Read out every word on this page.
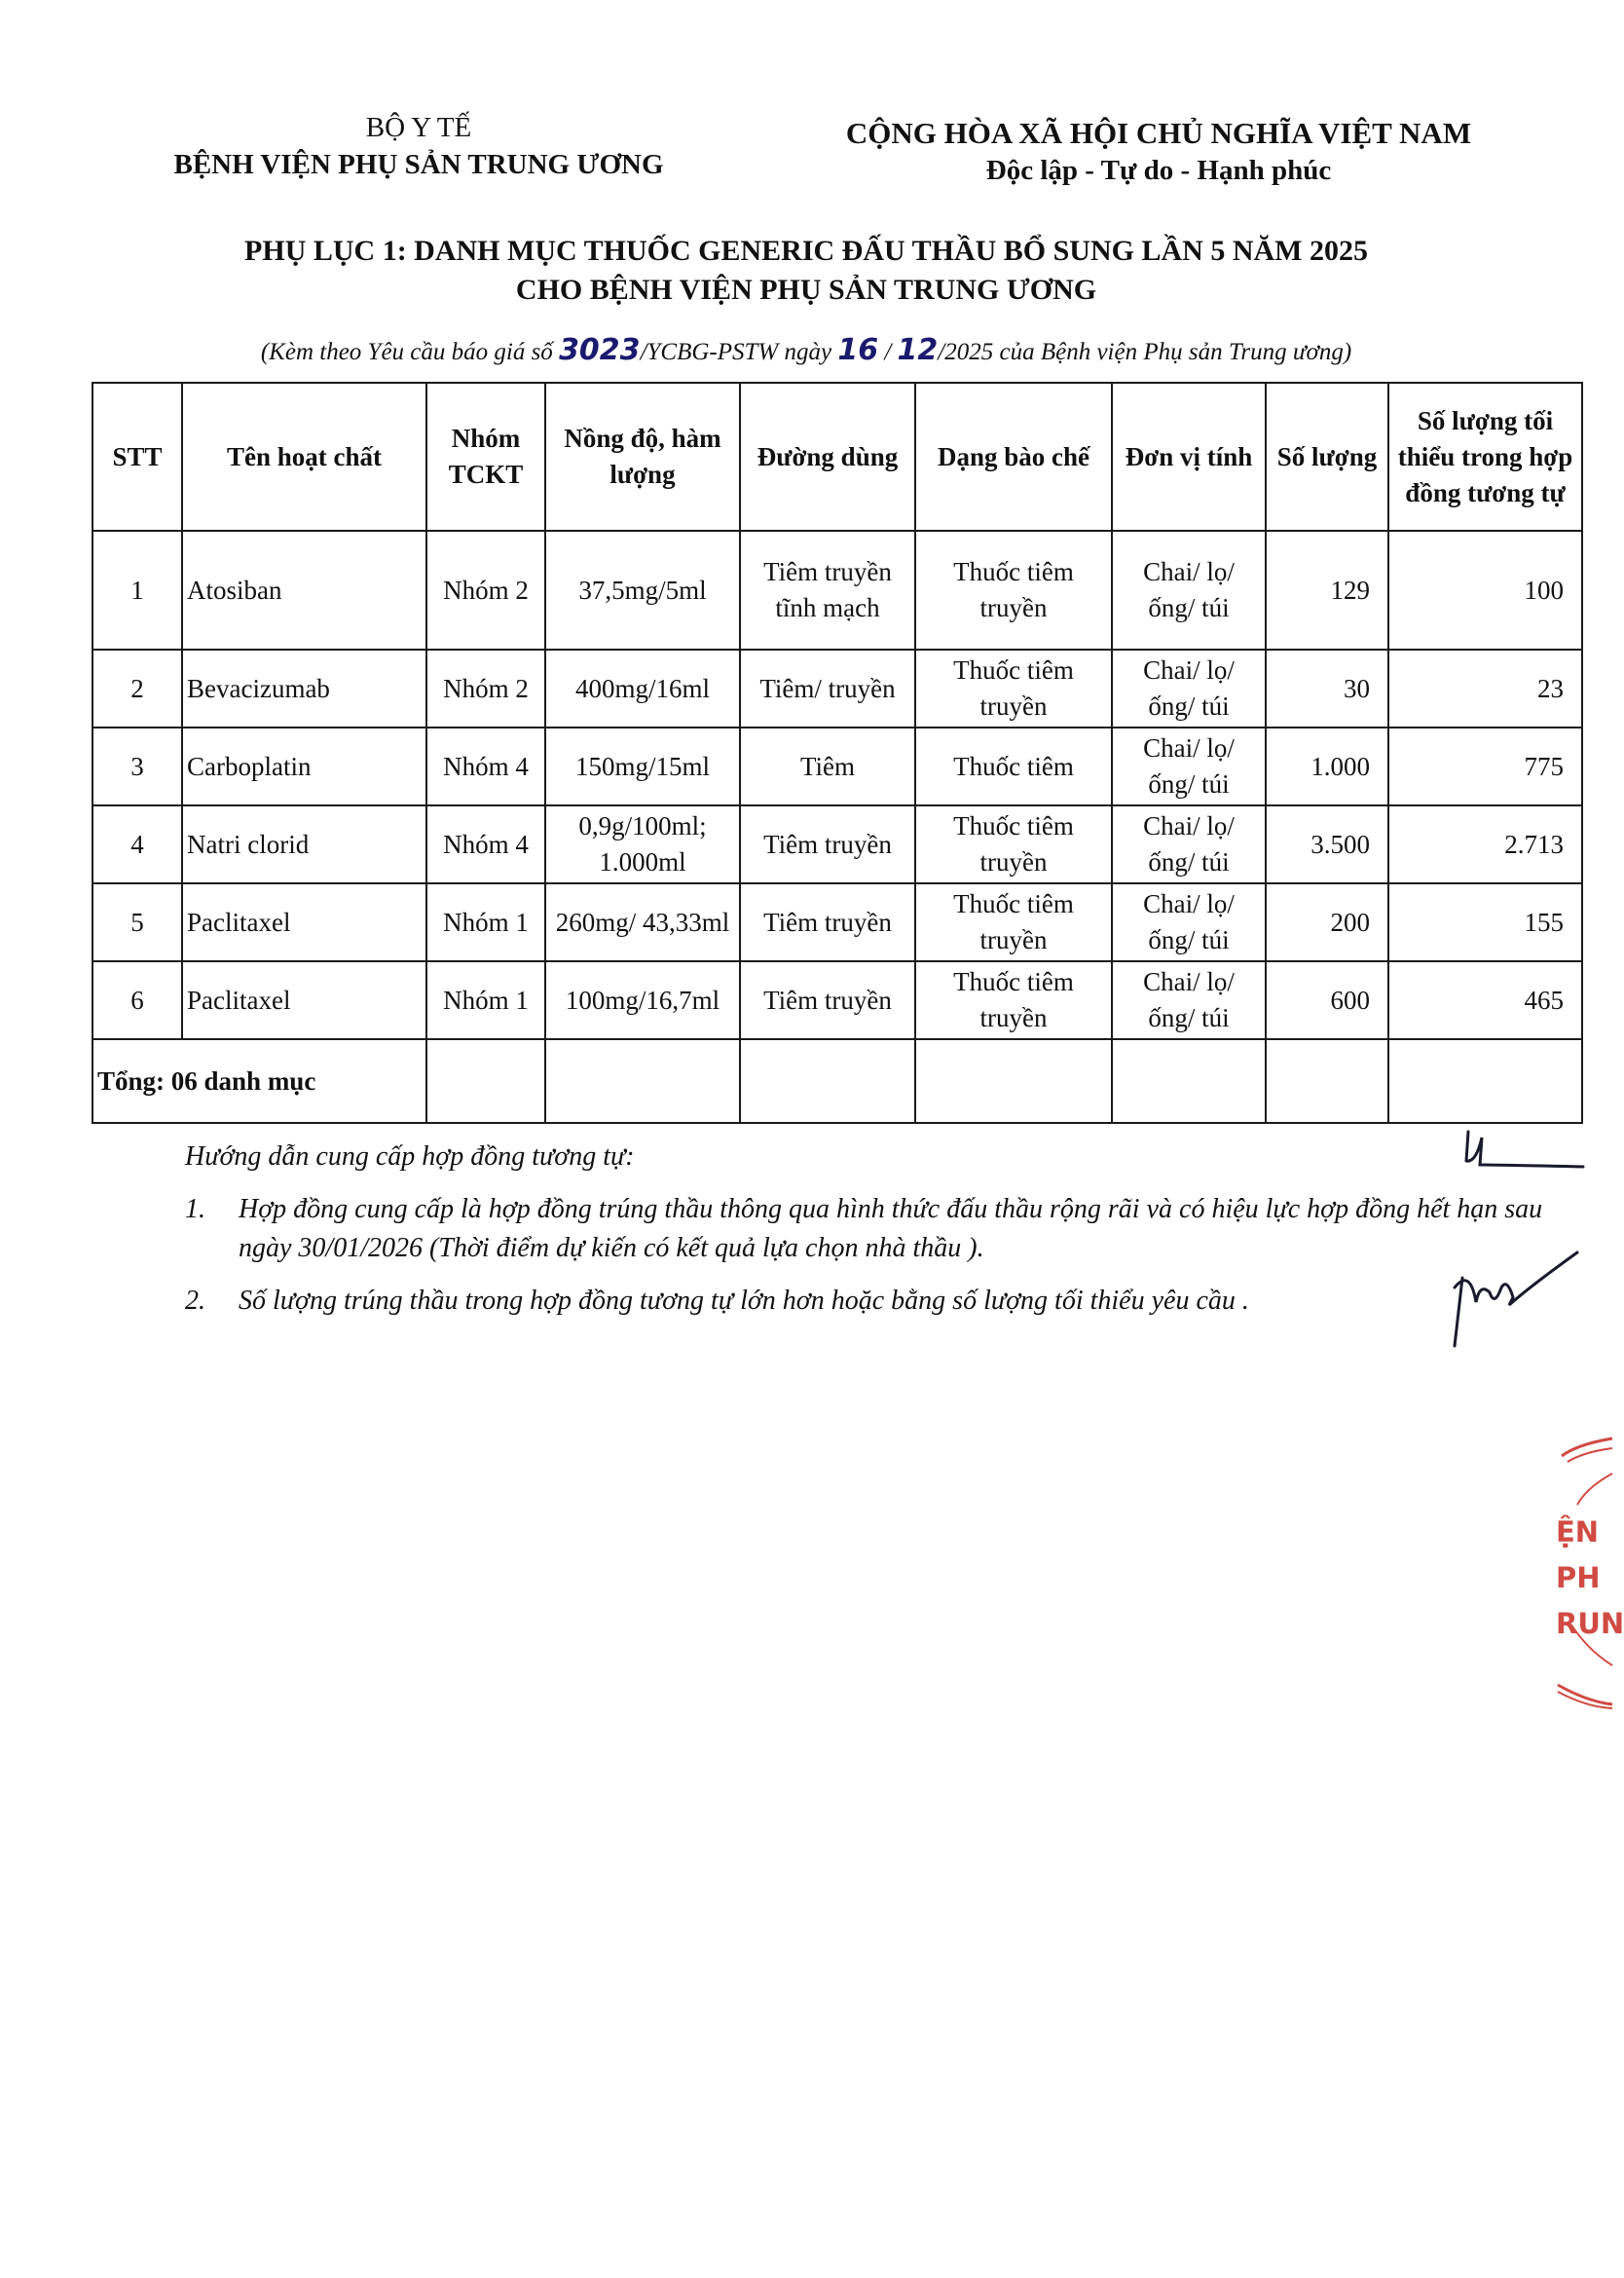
BỘ Y TẾ
BỆNH VIỆN PHỤ SẢN TRUNG ƯƠNG
CỘNG HÒA XÃ HỘI CHỦ NGHĨA VIỆT NAM
Độc lập - Tự do - Hạnh phúc
PHỤ LỤC 1: DANH MỤC THUỐC GENERIC ĐẤU THẦU BỔ SUNG LẦN 5 NĂM 2025
CHO BỆNH VIỆN PHỤ SẢN TRUNG ƯƠNG
(Kèm theo Yêu cầu báo giá số 3023/YCBG-PSTW ngày 16 / 12/2025 của Bệnh viện Phụ sản Trung ương)
STT	Tên hoạt chất	Nhóm TCKT	Nồng độ, hàm lượng	Đường dùng	Dạng bào chế	Đơn vị tính	Số lượng	Số lượng tối thiểu trong hợp đồng tương tự
1	Atosiban	Nhóm 2	37,5mg/5ml	Tiêm truyền tĩnh mạch	Thuốc tiêm truyền	Chai/ lọ/ ống/ túi	129	100
2	Bevacizumab	Nhóm 2	400mg/16ml	Tiêm/ truyền	Thuốc tiêm truyền	Chai/ lọ/ ống/ túi	30	23
3	Carboplatin	Nhóm 4	150mg/15ml	Tiêm	Thuốc tiêm	Chai/ lọ/ ống/ túi	1.000	775
4	Natri clorid	Nhóm 4	0,9g/100ml; 1.000ml	Tiêm truyền	Thuốc tiêm truyền	Chai/ lọ/ ống/ túi	3.500	2.713
5	Paclitaxel	Nhóm 1	260mg/ 43,33ml	Tiêm truyền	Thuốc tiêm truyền	Chai/ lọ/ ống/ túi	200	155
6	Paclitaxel	Nhóm 1	100mg/16,7ml	Tiêm truyền	Thuốc tiêm truyền	Chai/ lọ/ ống/ túi	600	465
Tổng: 06 danh mục								
Hướng dẫn cung cấp hợp đồng tương tự:
1.	Hợp đồng cung cấp là hợp đồng trúng thầu thông qua hình thức đấu thầu rộng rãi và có hiệu lực hợp đồng hết hạn sau ngày 30/01/2026 (Thời điểm dự kiến có kết quả lựa chọn nhà thầu ).
2.	Số lượng trúng thầu trong hợp đồng tương tự lớn hơn hoặc bằng số lượng tối thiểu yêu cầu .
ỆN
PH
RUN
